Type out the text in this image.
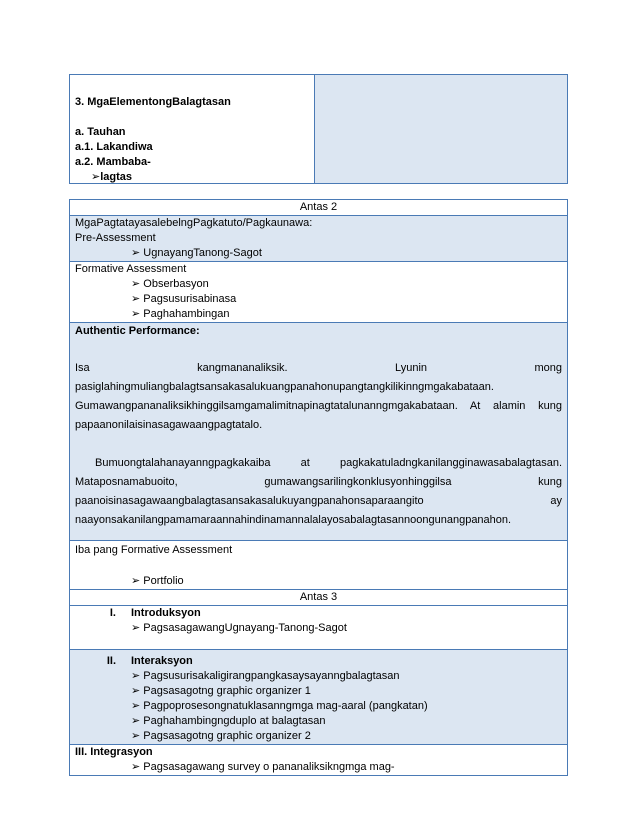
3. MgaElementongBalagtasan
a. Tauhan
a.1. Lakandiwa
a.2. Mambaba-
➢lagtas
Antas 2
MgaPagtatayasalebelngPagkatuto/Pagkaunawa:
Pre-Assessment
➢ UgnayangTanong-Sagot
Formative Assessment
➢ Obserbasyon
➢ Pagsusurisabinasa
➢ Paghahambingan
Authentic Performance:
Isa kangmananaliksik. Lyunin mong
pasiglahingmuliangbalagtsansakasalukuangpanahonupangtangkilikinngmgakabataan.
Gumawangpananaliksikhinggilsamgamalimitnapinagtatalunanngmgakabataan. At alamin kung
papaanonilaisinasagawaangpagtatalo.
Bumuongtalahanayanngpagkakaiba at pagkakatuladngkanilangginawasabalagtasan.
Mataposnamabuoito, gumawangsarilingkonklusyonhinggilsa kung
paanoisinasagawaangbalagtasansakasalukuyangpanahonsaparaangito ay
naayonsakanilangpamamaraannahindinamannalalayosabalagtasannoongunangpanahon.
Iba pang Formative Assessment
➢ Portfolio
Antas 3
I.	Introduksyon
➢ PagsasagawangUgnayang-Tanong-Sagot
II.	Interaksyon
➢ Pagsusurisakaligirangpangkasaysayanngbalagtasan
➢ Pagsasagotng graphic organizer 1
➢ Pagpoprosesongnatuklasanngmga mag-aaral (pangkatan)
➢ Paghahambingngduplo at balagtasan
➢ Pagsasagotng graphic organizer 2
III. Integrasyon
➢ Pagsasagawang survey o pananaliksikngmga mag-
